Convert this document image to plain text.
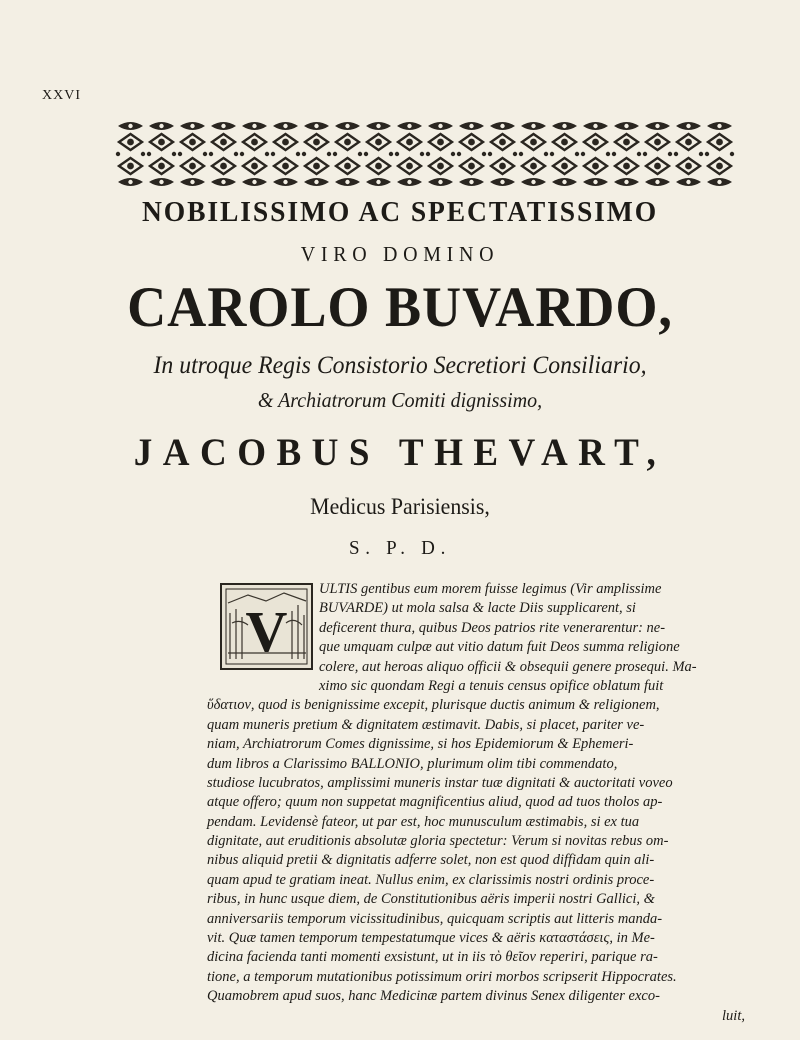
XXVI
NOBILISSIMO AC SPECTATISSIMO
VIRO DOMINO
CAROLO BUVARDO,
In utroque Regis Consistorio Secretiori Consiliario,
& Archiatrorum Comiti dignissimo,
JACOBUS THEVART,
Medicus Parisiensis,
S. P. D.
V
ULTIS gentibus eum morem fuisse legimus (Vir amplissime
BUVARDE) ut mola salsa & lacte Diis supplicarent, si
deficerent thura, quibus Deos patrios rite venerarentur: ne-
que umquam culpæ aut vitio datum fuit Deos summa religione
colere, aut heroas aliquo officii & obsequii genere prosequi. Ma-
ximo sic quondam Regi a tenuis census opifice oblatum fuit
ὕδατιον, quod is benignissime excepit, plurisque ductis animum & religionem,
quam muneris pretium & dignitatem æstimavit. Dabis, si placet, pariter ve-
niam, Archiatrorum Comes dignissime, si hos Epidemiorum & Ephemeri-
dum libros a Clarissimo BALLONIO, plurimum olim tibi commendato,
studiose lucubratos, amplissimi muneris instar tuæ dignitati & auctoritati voveo
atque offero; quum non suppetat magnificentius aliud, quod ad tuos tholos ap-
pendam. Levidensè fateor, ut par est, hoc munusculum æstimabis, si ex tua
dignitate, aut eruditionis absolutæ gloria spectetur: Verum si novitas rebus om-
nibus aliquid pretii & dignitatis adferre solet, non est quod diffidam quin ali-
quam apud te gratiam ineat. Nullus enim, ex clarissimis nostri ordinis proce-
ribus, in hunc usque diem, de Constitutionibus aëris imperii nostri Gallici, &
anniversariis temporum vicissitudinibus, quicquam scriptis aut litteris manda-
vit. Quæ tamen temporum tempestatumque vices & aëris καταστάσεις, in Me-
dicina facienda tanti momenti exsistunt, ut in iis τὸ θεῖον reperiri, parique ra-
tione, a temporum mutationibus potissimum oriri morbos scripserit Hippocrates.
Quamobrem apud suos, hanc Medicinæ partem divinus Senex diligenter exco-
luit,
